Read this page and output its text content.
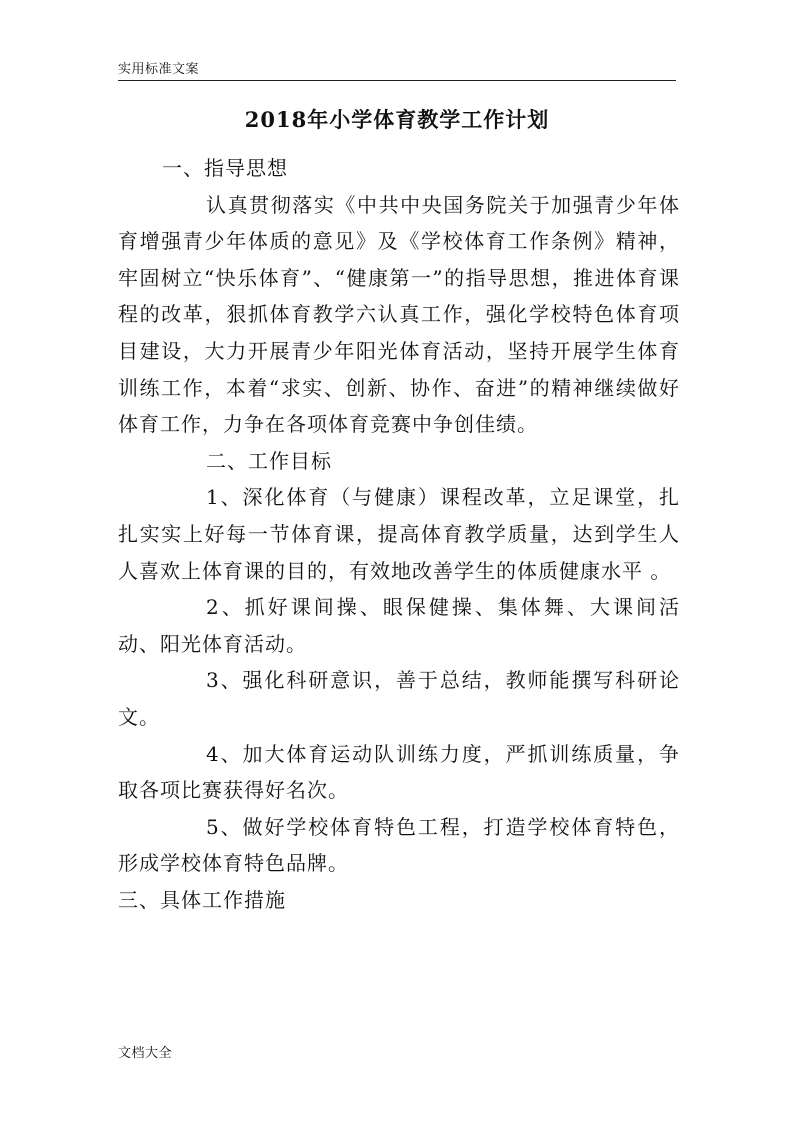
实用标准文案
2018年小学体育教学工作计划

一、指导思想

认真贯彻落实《中共中央国务院关于加强青少年体育增强青少年体质的意见》及《学校体育工作条例》精神，牢固树立“快乐体育”、“健康第一”的指导思想，推进体育课程的改革，狠抓体育教学六认真工作，强化学校特色体育项目建设，大力开展青少年阳光体育活动，坚持开展学生体育训练工作，本着“求实、创新、协作、奋进”的精神继续做好体育工作，力争在各项体育竞赛中争创佳绩。

二、工作目标

1、深化体育（与健康）课程改革，立足课堂，扎扎实实上好每一节体育课，提高体育教学质量，达到学生人人喜欢上体育课的目的，有效地改善学生的体质健康水平 。

2、抓好课间操、眼保健操、集体舞、大课间活动、阳光体育活动。

3、强化科研意识，善于总结，教师能撰写科研论文。

4、加大体育运动队训练力度，严抓训练质量，争取各项比赛获得好名次。

5、做好学校体育特色工程，打造学校体育特色，形成学校体育特色品牌。

三、具体工作措施

文档大全
